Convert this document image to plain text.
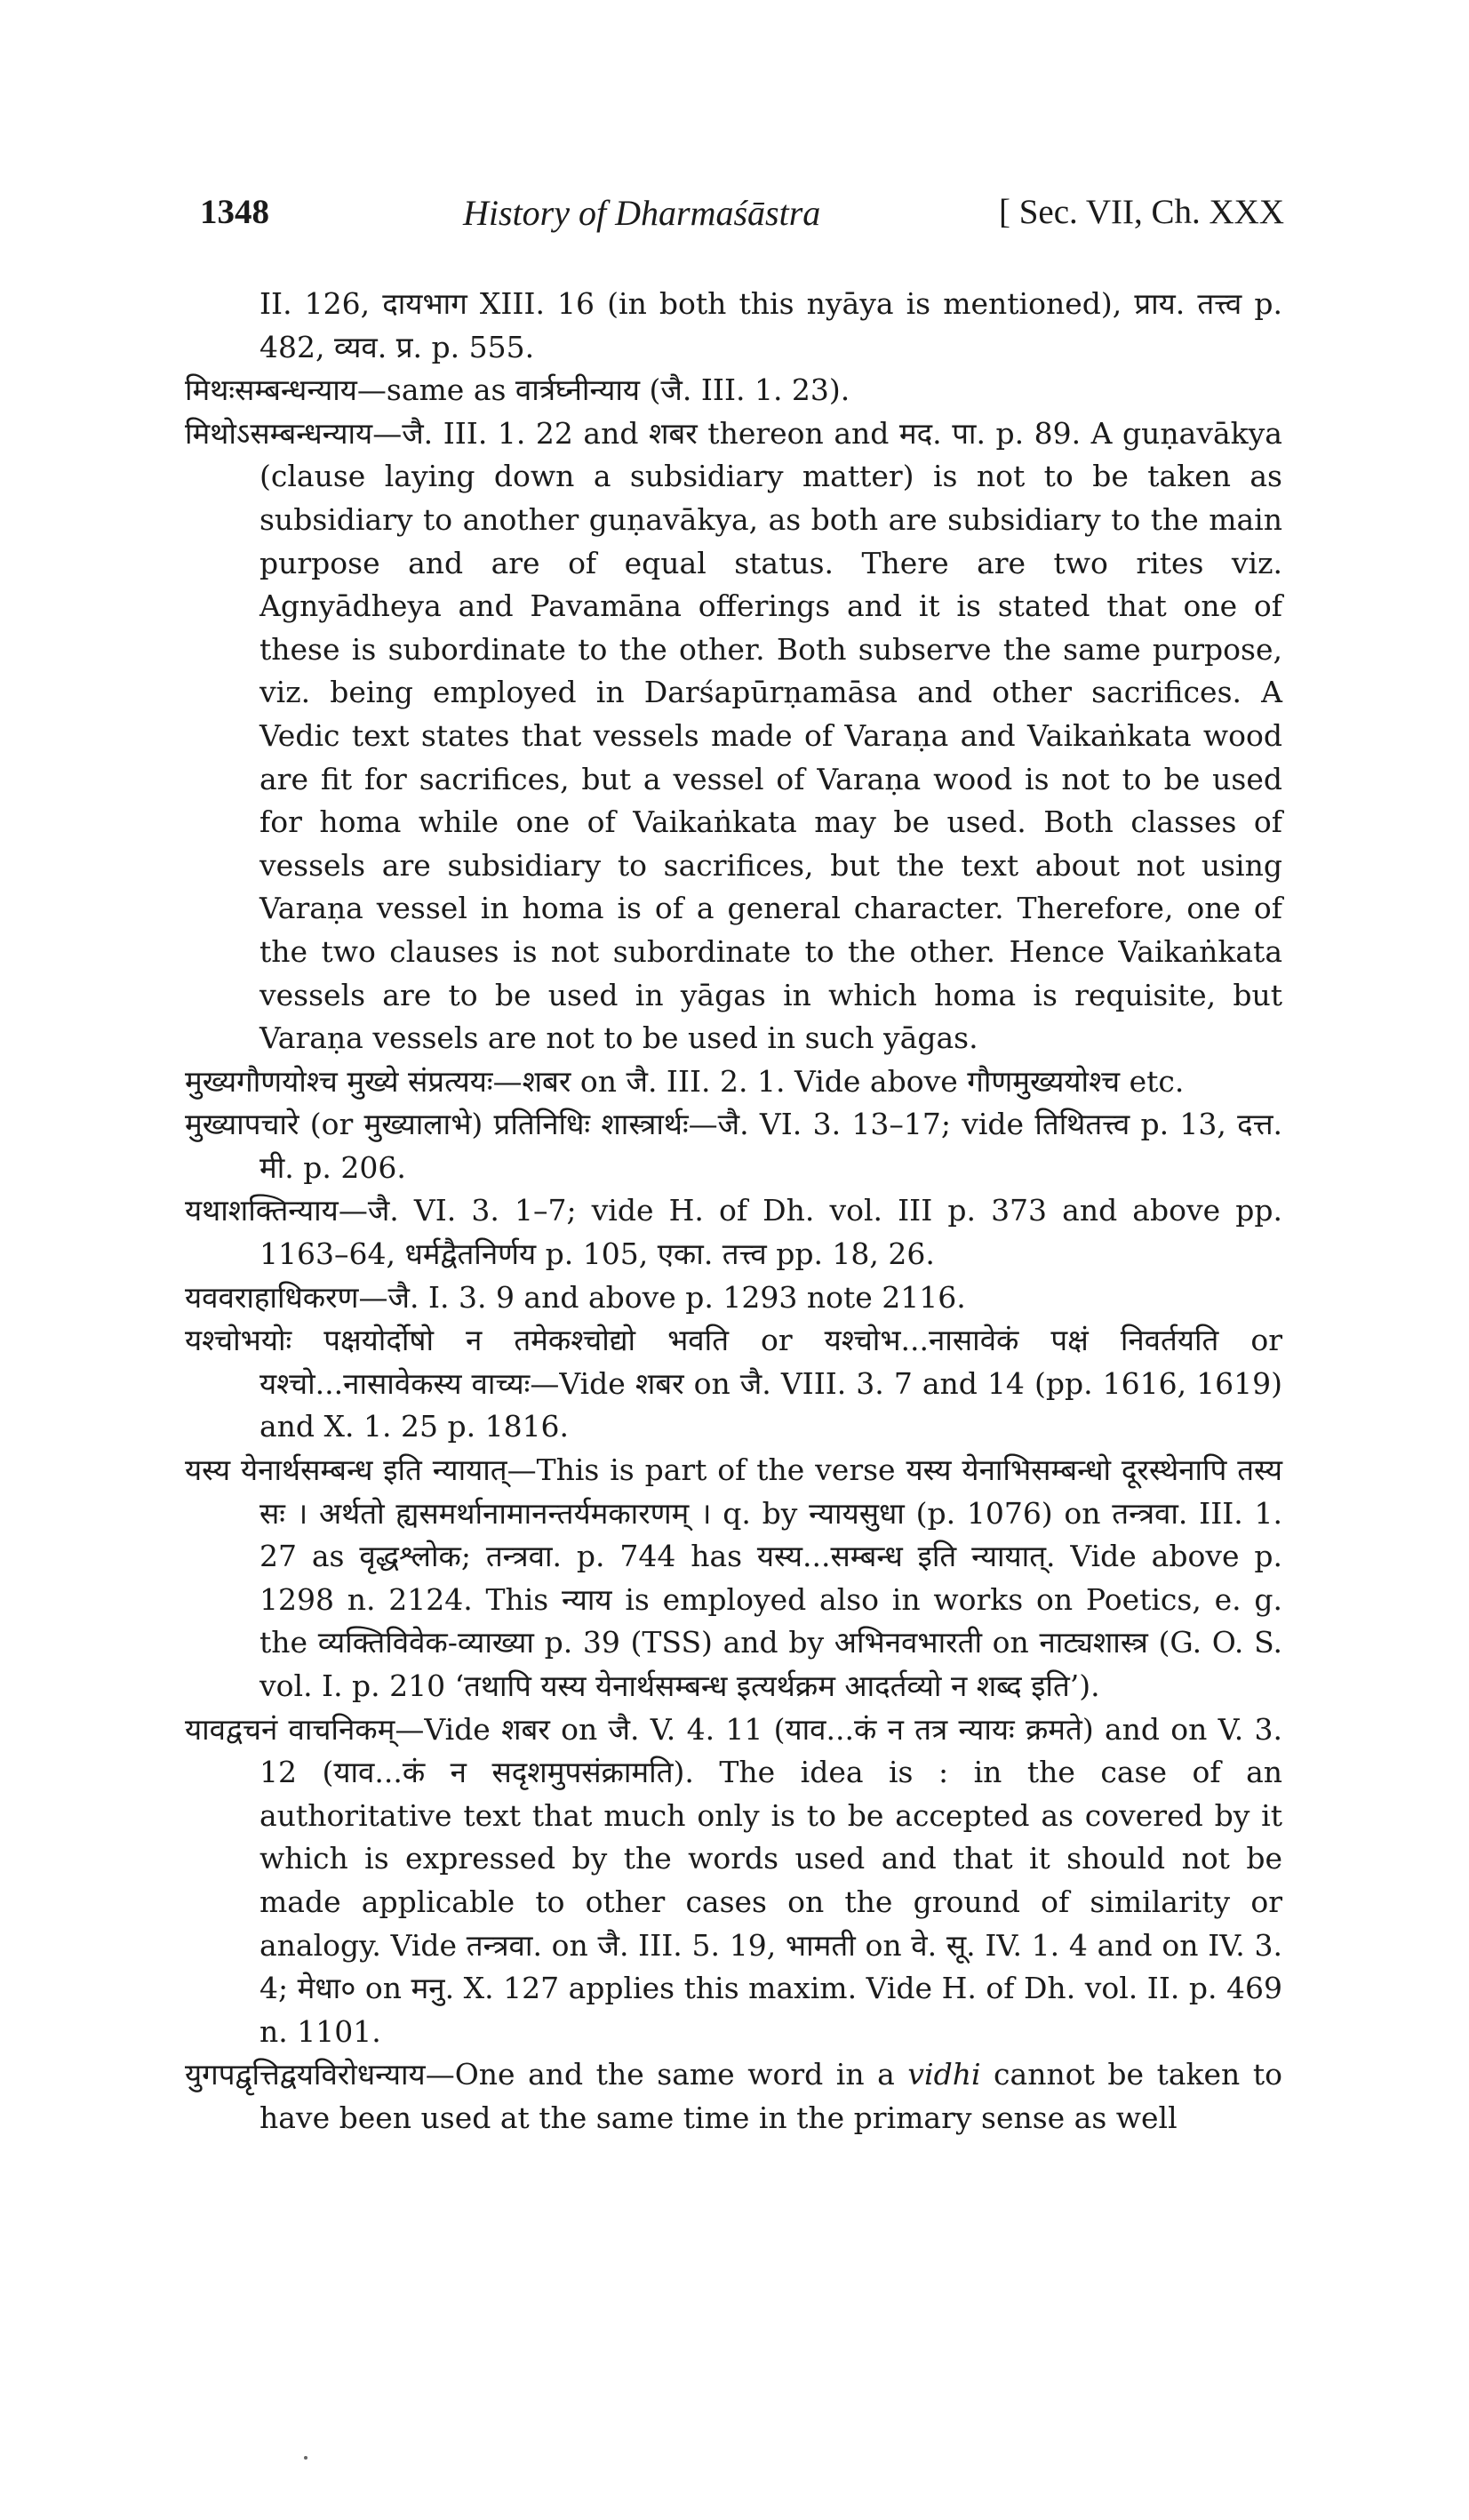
1348	History of Dharmaśāstra	[ Sec. VII, Ch. XXX

II. 126, दायभाग XIII. 16 (in both this nyāya is mentioned), प्राय. तत्त्व p. 482, व्यव. प्र. p. 555.

मिथःसम्बन्धन्याय—same as वार्त्रघ्नीन्याय (जै. III. 1. 23).

मिथोऽसम्बन्धन्याय—जै. III. 1. 22 and शबर thereon and मद. पा. p. 89. A guṇavākya (clause laying down a subsidiary matter) is not to be taken as subsidiary to another guṇavākya, as both are subsidiary to the main purpose and are of equal status. There are two rites viz. Agnyādheya and Pavamāna offerings and it is stated that one of these is subordinate to the other. Both subserve the same purpose, viz. being employed in Darśapūrṇamāsa and other sacrifices. A Vedic text states that vessels made of Varaṇa and Vaikaṅkata wood are fit for sacrifices, but a vessel of Varaṇa wood is not to be used for homa while one of Vaikaṅkata may be used. Both classes of vessels are subsidiary to sacrifices, but the text about not using Varaṇa vessel in homa is of a general character. Therefore, one of the two clauses is not subordinate to the other. Hence Vaikaṅkata vessels are to be used in yāgas in which homa is requisite, but Varaṇa vessels are not to be used in such yāgas.

मुख्यगौणयोश्च मुख्ये संप्रत्ययः—शबर on जै. III. 2. 1. Vide above गौणमुख्ययोश्च etc.

मुख्यापचारे (or मुख्यालाभे) प्रतिनिधिः शास्त्रार्थः—जै. VI. 3. 13–17; vide तिथितत्त्व p. 13, दत्त. मी. p. 206.

यथाशक्तिन्याय—जै. VI. 3. 1–7; vide H. of Dh. vol. III p. 373 and above pp. 1163–64, धर्मद्वैतनिर्णय p. 105, एका. तत्त्व pp. 18, 26.

यववराहाधिकरण—जै. I. 3. 9 and above p. 1293 note 2116.

यश्चोभयोः पक्षयोर्दोषो न तमेकश्चोद्यो भवति or यश्चोभ...नासावेकं पक्षं निवर्तयति or यश्चो...नासावेकस्य वाच्यः—Vide शबर on जै. VIII. 3. 7 and 14 (pp. 1616, 1619) and X. 1. 25 p. 1816.

यस्य येनार्थसम्बन्ध इति न्यायात्—This is part of the verse यस्य येनाभिसम्बन्धो दूरस्थेनापि तस्य सः । अर्थतो ह्यसमर्थानामानन्तर्यमकारणम् । q. by न्यायसुधा (p. 1076) on तन्त्रवा. III. 1. 27 as वृद्धश्लोक; तन्त्रवा. p. 744 has यस्य...सम्बन्ध इति न्यायात्. Vide above p. 1298 n. 2124. This न्याय is employed also in works on Poetics, e. g. the व्यक्तिविवेक-व्याख्या p. 39 (TSS) and by अभिनवभारती on नाट्यशास्त्र (G. O. S. vol. I. p. 210 ‘तथापि यस्य येनार्थसम्बन्ध इत्यर्थक्रम आदर्तव्यो न शब्द इति’).

यावद्वचनं वाचनिकम्—Vide शबर on जै. V. 4. 11 (याव...कं न तत्र न्यायः क्रमते) and on V. 3. 12 (याव...कं न सदृशमुपसंक्रामति). The idea is : in the case of an authoritative text that much only is to be accepted as covered by it which is expressed by the words used and that it should not be made applicable to other cases on the ground of similarity or analogy. Vide तन्त्रवा. on जै. III. 5. 19, भामती on वे. सू. IV. 1. 4 and on IV. 3. 4; मेधा० on मनु. X. 127 applies this maxim. Vide H. of Dh. vol. II. p. 469 n. 1101.

युगपद्वृत्तिद्वयविरोधन्याय—One and the same word in a vidhi cannot be taken to have been used at the same time in the primary sense as well
